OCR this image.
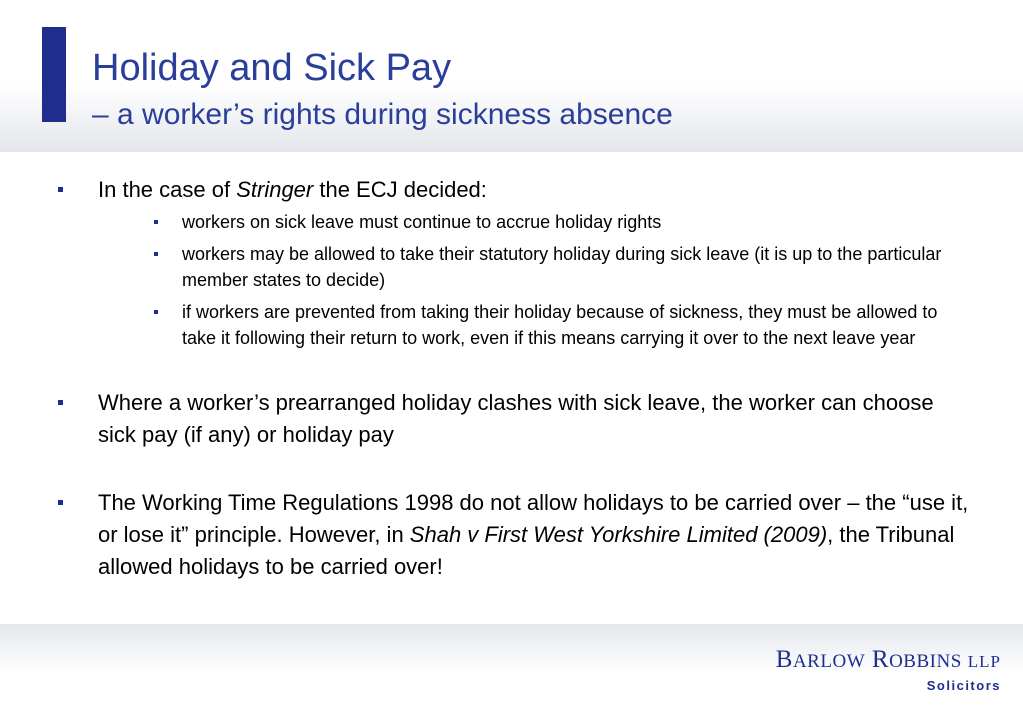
Holiday and Sick Pay
– a worker’s rights during sickness absence
In the case of Stringer the ECJ decided:
workers on sick leave must continue to accrue holiday rights
workers may be allowed to take their statutory holiday during sick leave (it is up to the particular member states to decide)
if workers are prevented from taking their holiday because of sickness, they must be allowed to take it following their return to work, even if this means carrying it over to the next leave year
Where a worker’s prearranged holiday clashes with sick leave, the worker can choose sick pay (if any) or holiday pay
The Working Time Regulations 1998 do not allow holidays to be carried over – the “use it, or lose it” principle. However, in Shah v First West Yorkshire Limited (2009), the Tribunal allowed holidays to be carried over!
BARLOW ROBBINS LLP
Solicitors
